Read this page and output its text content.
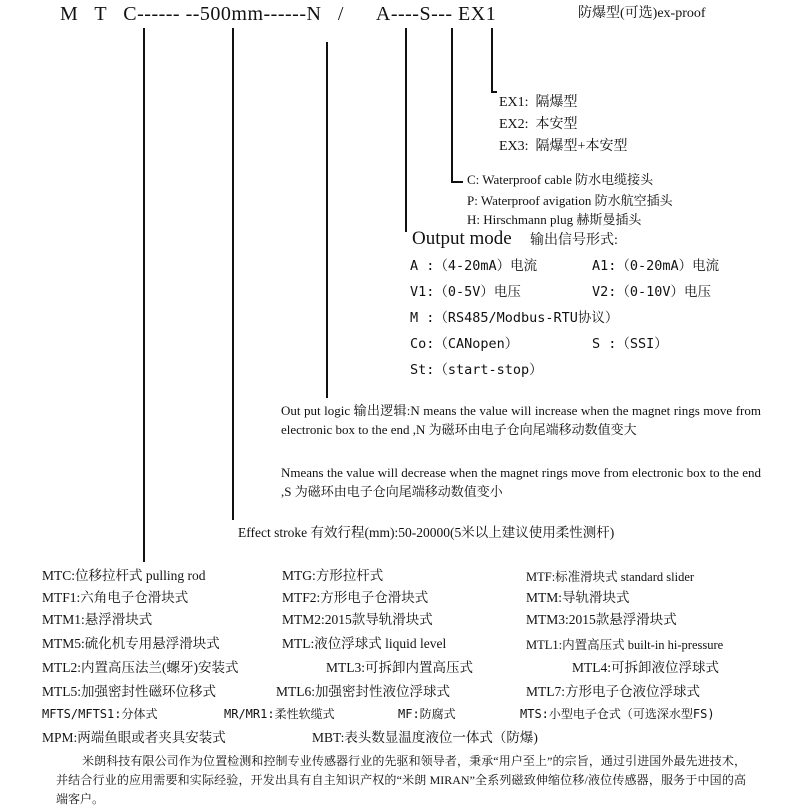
M   T   C------ --500mm------N   /      A----S--- EX1	防爆型(可选)ex-proof
EX1:  隔爆型
EX2:  本安型
EX3:  隔爆型+本安型
C: Waterproof cable 防水电缆接头
P: Waterproof avigation 防水航空插头
H: Hirschmann plug 赫斯曼插头
Output mode 输出信号形式:
A :（4-20mA）电流	A1:（0-20mA）电流
V1:（0-5V）电压	V2:（0-10V）电压
M :（RS485/Modbus-RTU协议）
Co:（CANopen）	S :（SSI）
St:（start-stop）
Out put logic 输出逻辑:N means the value will increase when the magnet rings move from electronic box to the end ,N 为磁环由电子仓向尾端移动数值变大
Nmeans the value will decrease when the magnet rings move from electronic box to the end ,S 为磁环由电子仓向尾端移动数值变小
Effect stroke 有效行程(mm):50-20000(5米以上建议使用柔性测杆)
MTC:位移拉杆式 pulling rod	MTG:方形拉杆式	MTF:标准滑块式 standard slider
MTF1:六角电子仓滑块式	MTF2:方形电子仓滑块式	MTM:导轨滑块式
MTM1:悬浮滑块式	MTM2:2015款导轨滑块式	MTM3:2015款悬浮滑块式
MTM5:硫化机专用悬浮滑块式	MTL:液位浮球式 liquid level	MTL1:内置高压式 built-in hi-pressure
MTL2:内置高压法兰(螺牙)安装式	MTL3:可拆卸内置高压式	MTL4:可拆卸液位浮球式
MTL5:加强密封性磁环位移式	MTL6:加强密封性液位浮球式	MTL7:方形电子仓液位浮球式
MFTS/MFTS1:分体式	MR/MR1:柔性软缆式	MF:防腐式	MTS:小型电子仓式（可选深水型FS)
MPM:两端鱼眼或者夹具安装式	MBT:表头数显温度液位一体式（防爆)
米朗科技有限公司作为位置检测和控制专业传感器行业的先驱和领导者，秉承“用户至上”的宗旨，通过引进国外最先进技术，并结合行业的应用需要和实际经验，开发出具有自主知识产权的“米朗 MIRAN”全系列磁致伸缩位移/液位传感器，服务于中国的高端客户。
